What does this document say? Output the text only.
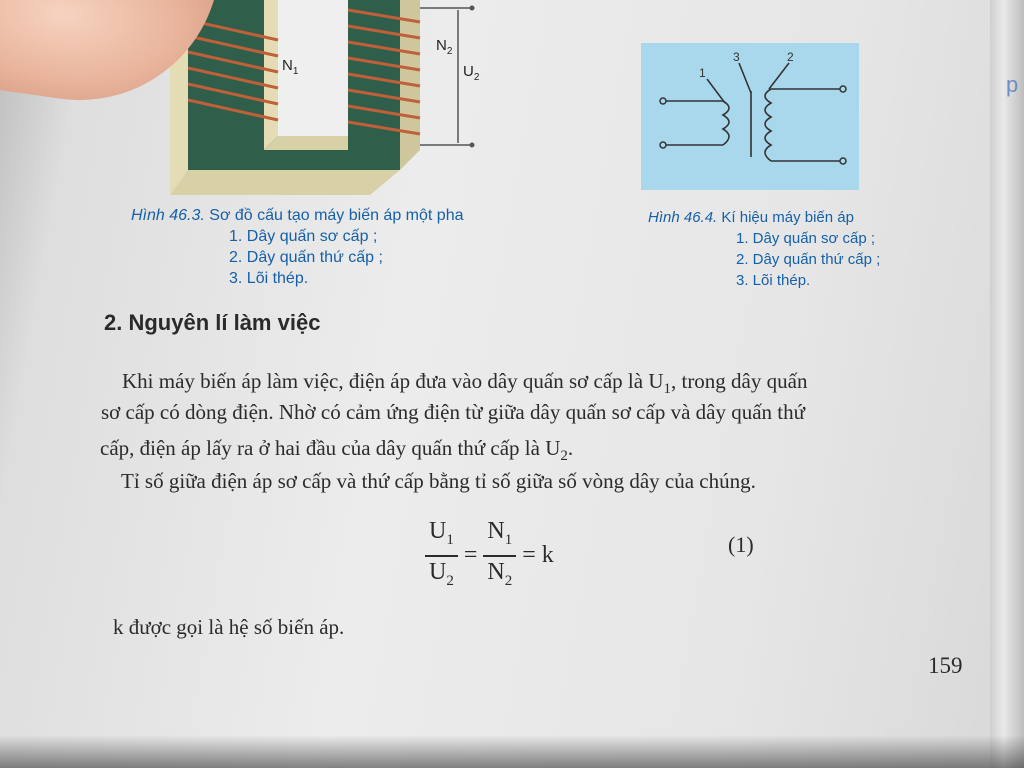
p
$N_1$
$N_2$
$U_2$	1
3	2
Hình 46.3. Sơ đồ cấu tạo máy biến áp một pha
1. Dây quấn sơ cấp ;
2. Dây quấn thứ cấp ;
3. Lõi thép.
Hình 46.4. Kí hiệu máy biến áp
1. Dây quấn sơ cấp ;
2. Dây quấn thứ cấp ;
3. Lõi thép.
2. Nguyên lí làm việc
Khi máy biến áp làm việc, điện áp đưa vào dây quấn sơ cấp là $U_1$, trong dây quấn
sơ cấp có dòng điện. Nhờ có cảm ứng điện từ giữa dây quấn sơ cấp và dây quấn thứ
cấp, điện áp lấy ra ở hai đầu của dây quấn thứ cấp là $U_2$.
Tỉ số giữa điện áp sơ cấp và thứ cấp bằng tỉ số giữa số vòng dây của chúng.
$\frac{U_1}{U_2} = \frac{N_1}{N_2} = k$	(1)
k được gọi là hệ số biến áp.
159
